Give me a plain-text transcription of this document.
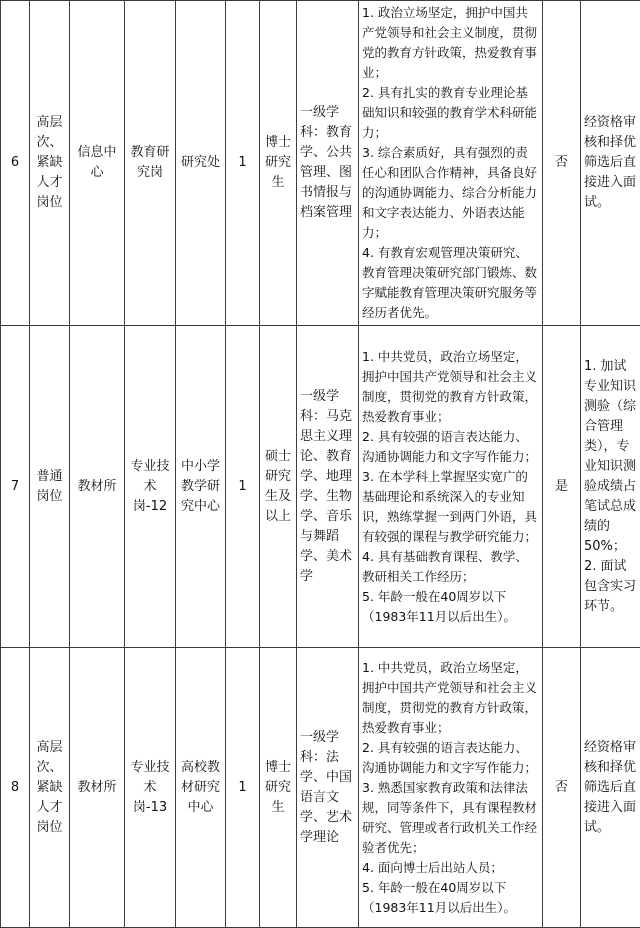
6	高层次、紧缺人才岗位	信息中心	教育研究岗	研究处	1	博士研究生	一级学科：教育学、公共管理、图书情报与档案管理	1. 政治立场坚定，拥护中国共产党领导和社会主义制度，贯彻党的教育方针政策，热爱教育事业；
2. 具有扎实的教育专业理论基础知识和较强的教育学术科研能力；
3. 综合素质好，具有强烈的责任心和团队合作精神，具备良好的沟通协调能力、综合分析能力和文字表达能力、外语表达能力；
4. 有教育宏观管理决策研究、教育管理决策研究部门锻炼、数字赋能教育管理决策研究服务等经历者优先。	否	经资格审核和择优筛选后直接进入面试。

7	普通岗位	教材所	专业技术岗-12	中小学教学研究中心	1	硕士研究生及以上	一级学科：马克思主义理论、教育学、地理学、生物学、音乐与舞蹈学、美术学	1. 中共党员，政治立场坚定，拥护中国共产党领导和社会主义制度，贯彻党的教育方针政策，热爱教育事业；
2. 具有较强的语言表达能力、沟通协调能力和文字写作能力；
3. 在本学科上掌握坚实宽广的基础理论和系统深入的专业知识，熟练掌握一到两门外语，具有较强的课程与教学研究能力；
4. 具有基础教育课程、教学、教研相关工作经历；
5. 年龄一般在40周岁以下（1983年11月以后出生）。	是	1. 加试专业知识测验（综合管理类），专业知识测验成绩占笔试总成绩的50%；
2. 面试包含实习环节。

8	高层次、紧缺人才岗位	教材所	专业技术岗-13	高校教材研究中心	1	博士研究生	一级学科：法学、中国语言文学、艺术学理论	1. 中共党员，政治立场坚定，拥护中国共产党领导和社会主义制度，贯彻党的教育方针政策，热爱教育事业；
2. 具有较强的语言表达能力、沟通协调能力和文字写作能力；
3. 熟悉国家教育政策和法律法规，同等条件下，具有课程教材研究、管理或者行政机关工作经验者优先；
4. 面向博士后出站人员；
5. 年龄一般在40周岁以下（1983年11月以后出生）。	否	经资格审核和择优筛选后直接进入面试。
